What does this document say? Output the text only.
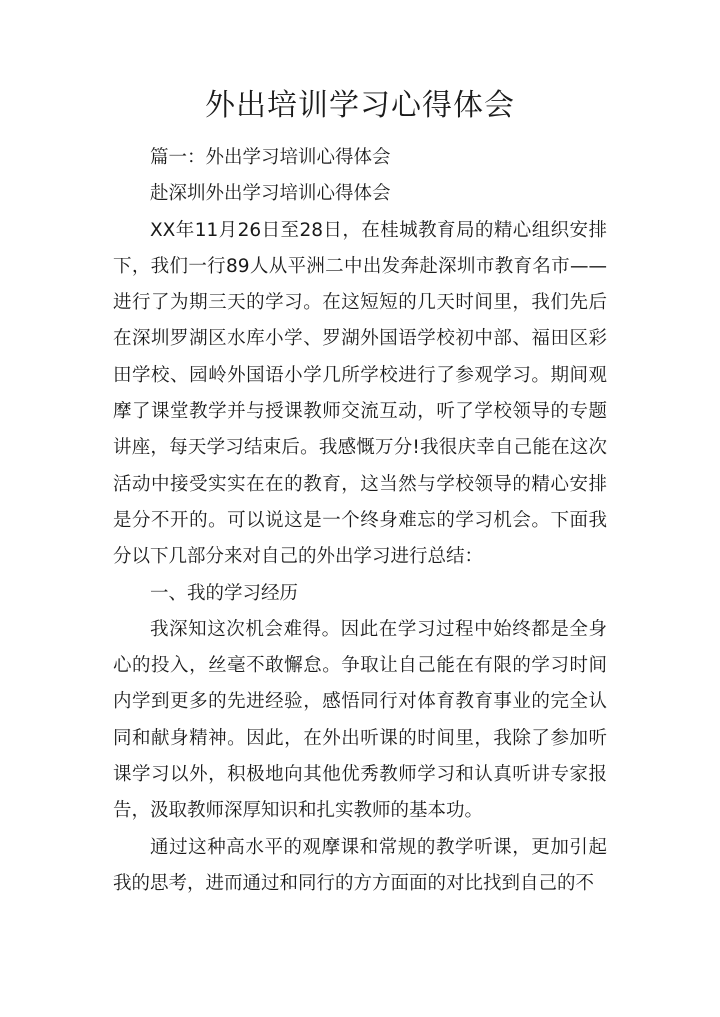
外出培训学习心得体会

篇一：外出学习培训心得体会

赴深圳外出学习培训心得体会

XX年11月26日至28日，在桂城教育局的精心组织安排下，我们一行89人从平洲二中出发奔赴深圳市教育名市——进行了为期三天的学习。在这短短的几天时间里，我们先后在深圳罗湖区水库小学、罗湖外国语学校初中部、福田区彩田学校、园岭外国语小学几所学校进行了参观学习。期间观摩了课堂教学并与授课教师交流互动，听了学校领导的专题讲座，每天学习结束后。我感慨万分!我很庆幸自己能在这次活动中接受实实在在的教育，这当然与学校领导的精心安排是分不开的。可以说这是一个终身难忘的学习机会。下面我分以下几部分来对自己的外出学习进行总结：

一、我的学习经历

我深知这次机会难得。因此在学习过程中始终都是全身心的投入，丝毫不敢懈怠。争取让自己能在有限的学习时间内学到更多的先进经验，感悟同行对体育教育事业的完全认同和献身精神。因此，在外出听课的时间里，我除了参加听课学习以外，积极地向其他优秀教师学习和认真听讲专家报告，汲取教师深厚知识和扎实教师的基本功。

通过这种高水平的观摩课和常规的教学听课，更加引起我的思考，进而通过和同行的方方面面的对比找到自己的不
